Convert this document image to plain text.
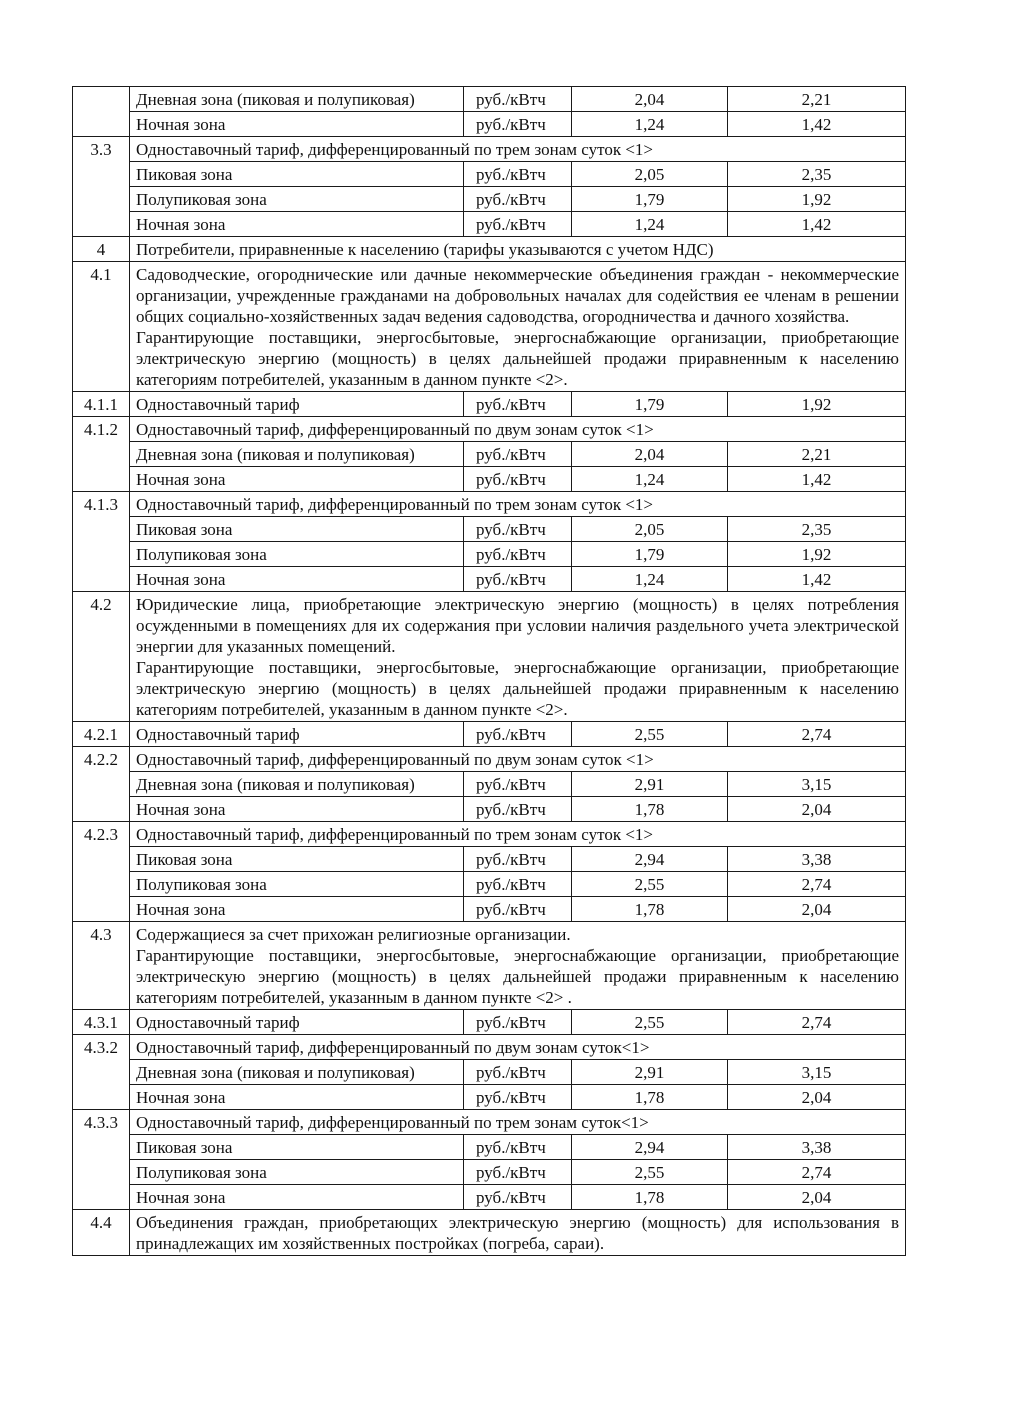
	Дневная зона (пиковая и полупиковая)	руб./кВтч	2,04	2,21
	Ночная зона	руб./кВтч	1,24	1,42
3.3	Одноставочный тариф, дифференцированный по трем зонам суток <1>			
	Пиковая зона	руб./кВтч	2,05	2,35
	Полупиковая зона	руб./кВтч	1,79	1,92
	Ночная зона	руб./кВтч	1,24	1,42
4	Потребители, приравненные к населению (тарифы указываются с учетом НДС)			
4.1	Садоводческие, огороднические или дачные некоммерческие объединения граждан - некоммерческие организации, учрежденные гражданами на добровольных началах для содействия ее членам в решении общих социально-хозяйственных задач ведения садоводства, огородничества и дачного хозяйства.

Гарантирующие поставщики, энергосбытовые, энергоснабжающие организации, приобретающие электрическую энергию (мощность) в целях дальнейшей продажи приравненным к населению категориям потребителей, указанным в данном пункте <2>.			

4.1.1	Одноставочный тариф	руб./кВтч	1,79	1,92
4.1.2	Одноставочный тариф, дифференцированный по двум зонам суток <1>			
	Дневная зона (пиковая и полупиковая)	руб./кВтч	2,04	2,21
	Ночная зона	руб./кВтч	1,24	1,42
4.1.3	Одноставочный тариф, дифференцированный по трем зонам суток <1>			
	Пиковая зона	руб./кВтч	2,05	2,35
	Полупиковая зона	руб./кВтч	1,79	1,92
	Ночная зона	руб./кВтч	1,24	1,42
4.2	Юридические лица, приобретающие электрическую энергию (мощность) в целях потребления осужденными в помещениях для их содержания при условии наличия раздельного учета электрической энергии для указанных помещений.

Гарантирующие поставщики, энергосбытовые, энергоснабжающие организации, приобретающие электрическую энергию (мощность) в целях дальнейшей продажи приравненным к населению категориям потребителей, указанным в данном пункте <2>.			

4.2.1	Одноставочный тариф	руб./кВтч	2,55	2,74
4.2.2	Одноставочный тариф, дифференцированный по двум зонам суток <1>			
	Дневная зона (пиковая и полупиковая)	руб./кВтч	2,91	3,15
	Ночная зона	руб./кВтч	1,78	2,04
4.2.3	Одноставочный тариф, дифференцированный по трем зонам суток <1>			
	Пиковая зона	руб./кВтч	2,94	3,38
	Полупиковая зона	руб./кВтч	2,55	2,74
	Ночная зона	руб./кВтч	1,78	2,04
4.3	Содержащиеся за счет прихожан религиозные организации.

Гарантирующие поставщики, энергосбытовые, энергоснабжающие организации, приобретающие электрическую энергию (мощность) в целях дальнейшей продажи приравненным к населению категориям потребителей, указанным в данном пункте <2> .			

4.3.1	Одноставочный тариф	руб./кВтч	2,55	2,74
4.3.2	Одноставочный тариф, дифференцированный по двум зонам суток<1>			
	Дневная зона (пиковая и полупиковая)	руб./кВтч	2,91	3,15
	Ночная зона	руб./кВтч	1,78	2,04
4.3.3	Одноставочный тариф, дифференцированный по трем зонам суток<1>			
	Пиковая зона	руб./кВтч	2,94	3,38
	Полупиковая зона	руб./кВтч	2,55	2,74
	Ночная зона	руб./кВтч	1,78	2,04
4.4	Объединения граждан, приобретающих электрическую энергию (мощность) для использования в принадлежащих им хозяйственных постройках (погреба, сараи).			
